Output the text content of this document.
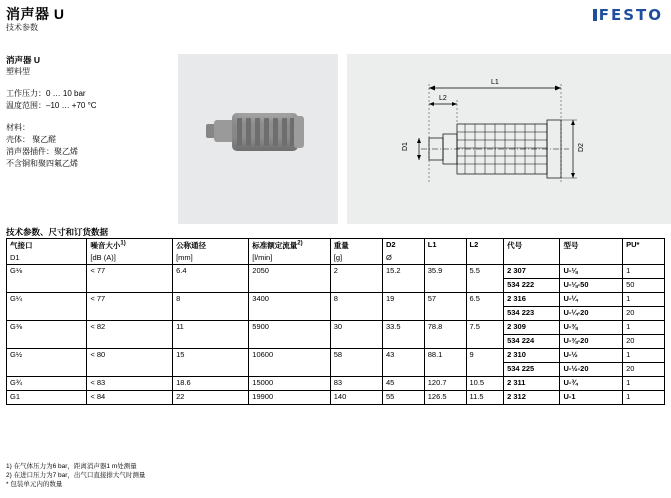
消声器 U
技术参数
FESTO
消声器 U
塑料型
工作压力：0 … 10 bar
温度范围：–10 … +70 °C
材料：
壳体： 聚乙醛
消声器插件：聚乙烯
不含铜和聚四氟乙烯
L1
L2
D1	D2
技术参数、尺寸和订货数据
气接口	噪音大小$^{1)}$	公称通径	标准额定流量$^{2)}$	重量	D2	L1	L2	代号	型号	PU*
D1	[dB (A)]	[mm]	[l/min]	[g]	Ø					
G⅛	< 77	6.4	2050	2	15.2	35.9	5.5	2 307	U-⅛	1
								534 222	U-⅛-50	50
G¼	< 77	8	3400	8	19	57	6.5	2 316	U-¼	1
								534 223	U-¼-20	20
G⅜	< 82	11	5900	30	33.5	78.8	7.5	2 309	U-⅜	1
								534 224	U-⅜-20	20
G½	< 80	15	10600	58	43	88.1	9	2 310	U-½	1
								534 225	U-½-20	20
G¾	< 83	18.6	15000	83	45	120.7	10.5	2 311	U-¾	1
G1	< 84	22	19900	140	55	126.5	11.5	2 312	U-1	1
1) 在气体压力为6 bar，距离消声器1 m处测量
2) 在进口压力为7 bar，出气口直接排大气时测量
* 包装单元内的数量
